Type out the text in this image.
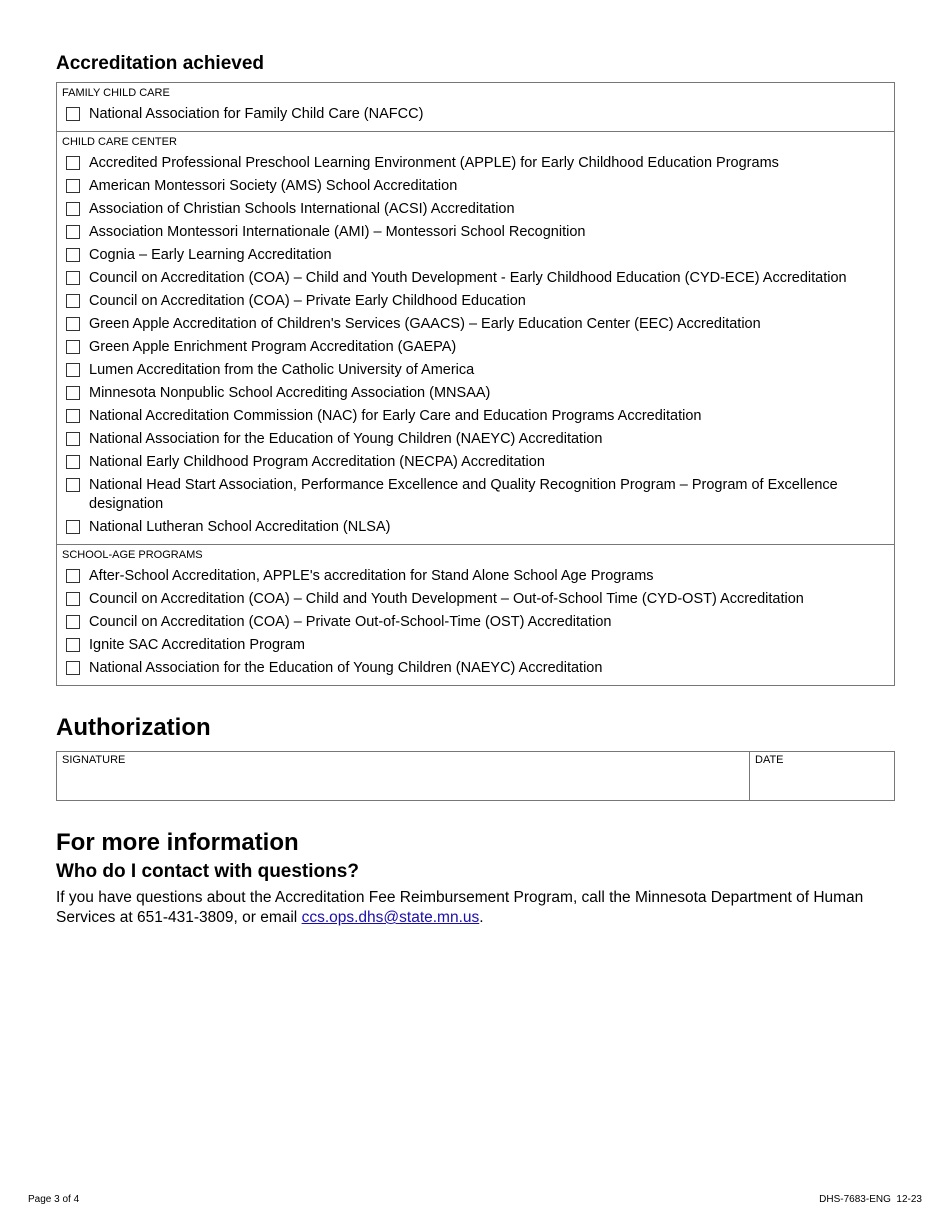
Accreditation achieved
FAMILY CHILD CARE
National Association for Family Child Care (NAFCC)
CHILD CARE CENTER
Accredited Professional Preschool Learning Environment (APPLE) for Early Childhood Education Programs
American Montessori Society (AMS) School Accreditation
Association of Christian Schools International (ACSI) Accreditation
Association Montessori Internationale (AMI) – Montessori School Recognition
Cognia – Early Learning Accreditation
Council on Accreditation (COA) – Child and Youth Development - Early Childhood Education (CYD-ECE) Accreditation
Council on Accreditation (COA) – Private Early Childhood Education
Green Apple Accreditation of Children's Services (GAACS) – Early Education Center (EEC) Accreditation
Green Apple Enrichment Program Accreditation (GAEPA)
Lumen Accreditation from the Catholic University of America
Minnesota Nonpublic School Accrediting Association (MNSAA)
National Accreditation Commission (NAC) for Early Care and Education Programs Accreditation
National Association for the Education of Young Children (NAEYC) Accreditation
National Early Childhood Program Accreditation (NECPA) Accreditation
National Head Start Association, Performance Excellence and Quality Recognition Program – Program of Excellence designation
National Lutheran School Accreditation (NLSA)
SCHOOL-AGE PROGRAMS
After-School Accreditation, APPLE's accreditation for Stand Alone School Age Programs
Council on Accreditation (COA) – Child and Youth Development – Out-of-School Time (CYD-OST) Accreditation
Council on Accreditation (COA) – Private Out-of-School-Time (OST) Accreditation
Ignite SAC Accreditation Program
National Association for the Education of Young Children (NAEYC) Accreditation
Authorization
SIGNATURE	DATE
For more information
Who do I contact with questions?
If you have questions about the Accreditation Fee Reimbursement Program, call the Minnesota Department of Human Services at 651-431-3809, or email ccs.ops.dhs@state.mn.us.
Page 3 of 4	DHS-7683-ENG  12-23
